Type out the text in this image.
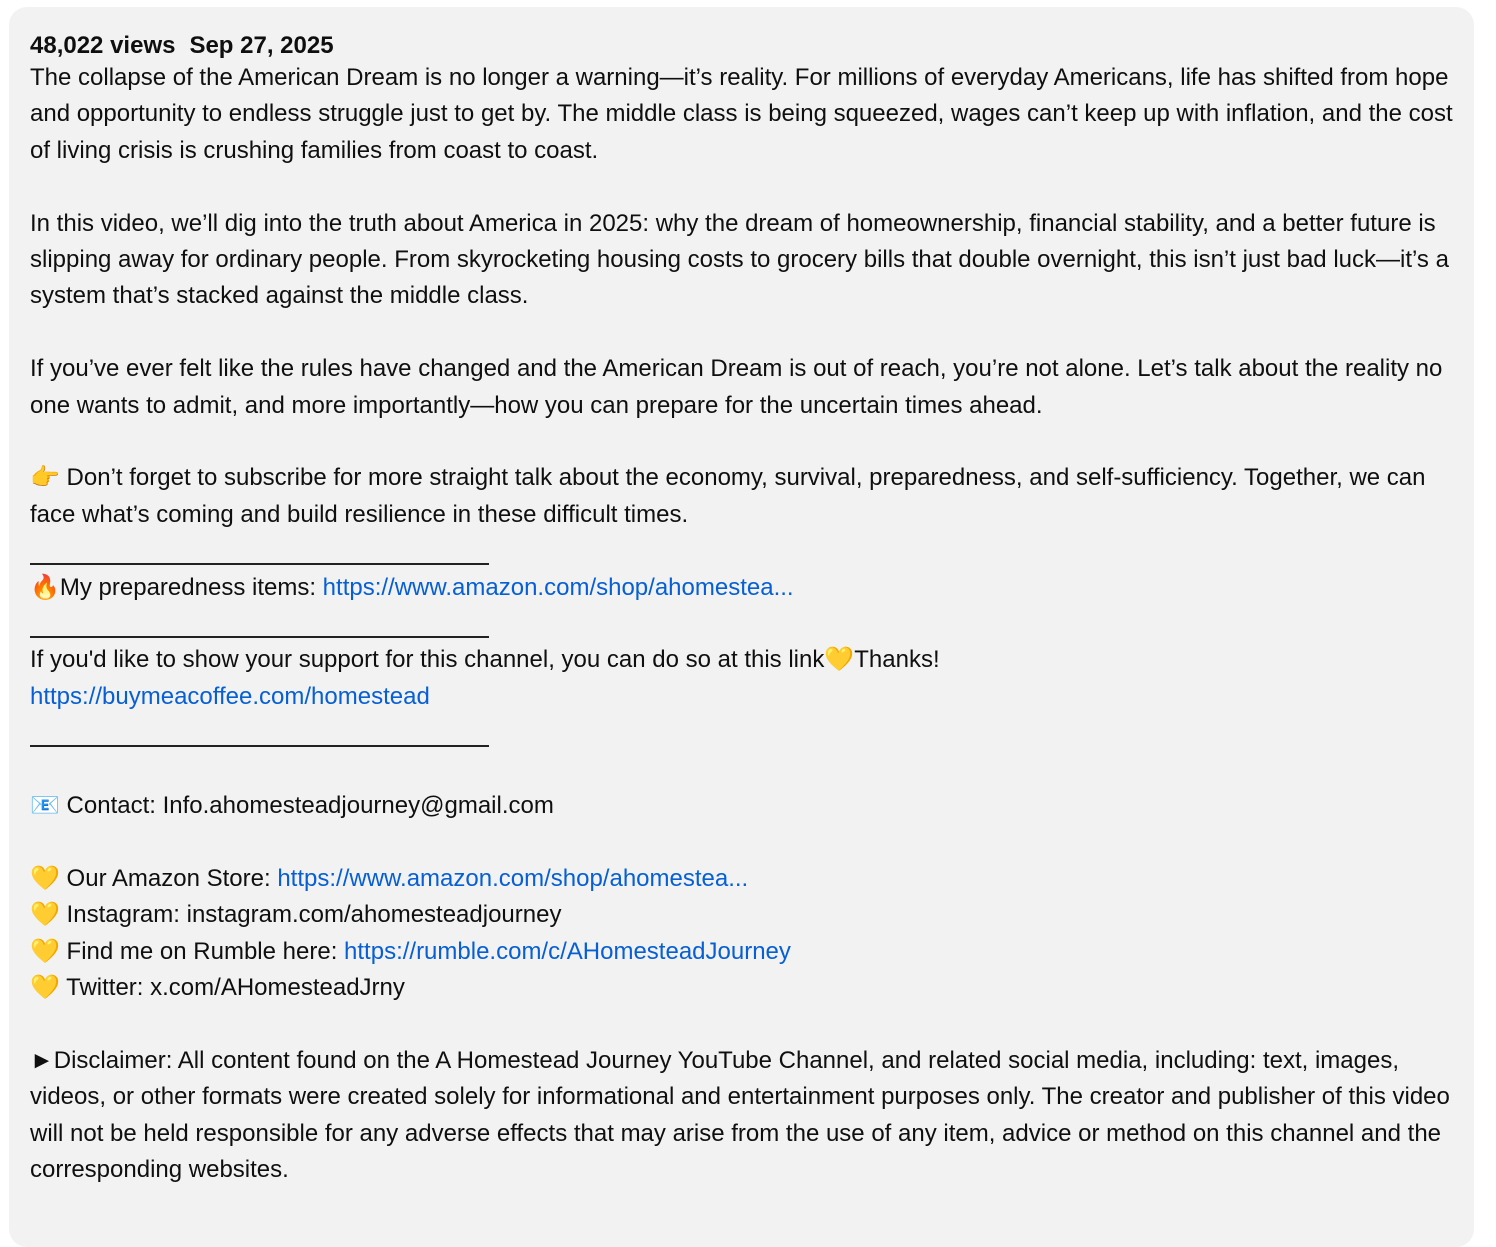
48,022 views Sep 27, 2025

The collapse of the American Dream is no longer a warning—it’s reality. For millions of everyday Americans, life has shifted from hope and opportunity to endless struggle just to get by. The middle class is being squeezed, wages can’t keep up with inflation, and the cost of living crisis is crushing families from coast to coast.

In this video, we’ll dig into the truth about America in 2025: why the dream of homeownership, financial stability, and a better future is slipping away for ordinary people. From skyrocketing housing costs to grocery bills that double overnight, this isn’t just bad luck—it’s a system that’s stacked against the middle class.

If you’ve ever felt like the rules have changed and the American Dream is out of reach, you’re not alone. Let’s talk about the reality no one wants to admit, and more importantly—how you can prepare for the uncertain times ahead.

👉 Don’t forget to subscribe for more straight talk about the economy, survival, preparedness, and self-sufficiency. Together, we can face what’s coming and build resilience in these difficult times.

🔥My preparedness items: https://www.amazon.com/shop/ahomestea...
If you'd like to show your support for this channel, you can do so at this link💛Thanks!
https://buymeacoffee.com/homestead
📧 Contact: Info.ahomesteadjourney@gmail.com
💛 Our Amazon Store: https://www.amazon.com/shop/ahomestea...
💛 Instagram: instagram.com/ahomesteadjourney
💛 Find me on Rumble here: https://rumble.com/c/AHomesteadJourney
💛 Twitter: x.com/AHomesteadJrny

►Disclaimer: All content found on the A Homestead Journey YouTube Channel, and related social media, including: text, images, videos, or other formats were created solely for informational and entertainment purposes only. The creator and publisher of this video will not be held responsible for any adverse effects that may arise from the use of any item, advice or method on this channel and the corresponding websites.
